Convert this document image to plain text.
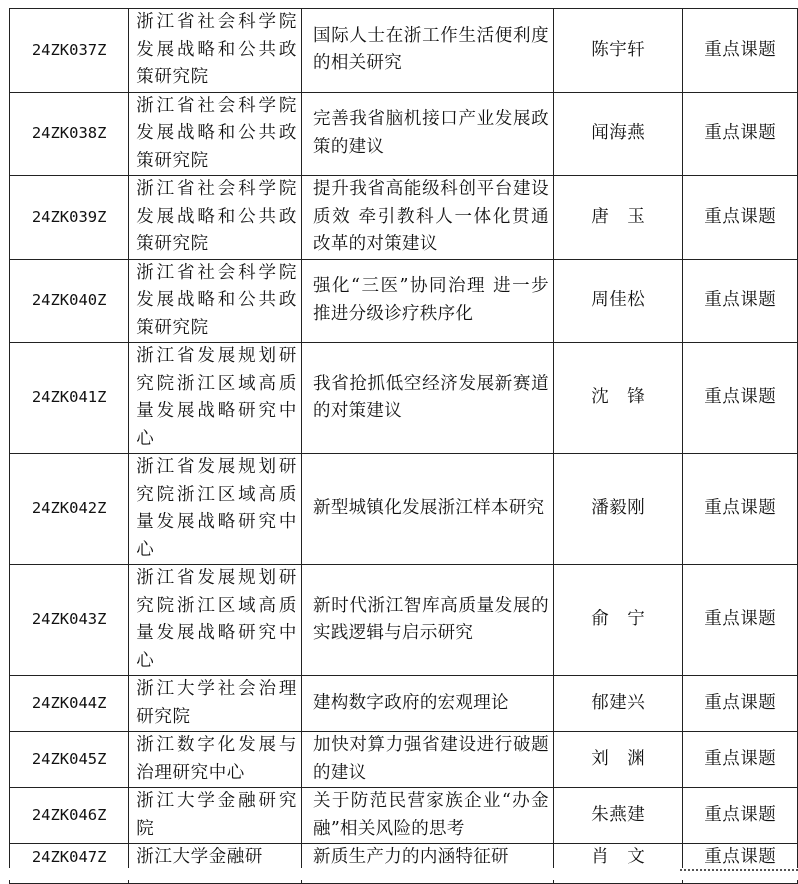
24ZK037Z	浙江省社会科学院发展战略和公共政策研究院	国际人士在浙工作生活便利度的相关研究	陈宇轩	重点课题
24ZK038Z	浙江省社会科学院发展战略和公共政策研究院	完善我省脑机接口产业发展政策的建议	闻海燕	重点课题
24ZK039Z	浙江省社会科学院发展战略和公共政策研究院	提升我省高能级科创平台建设质效 牵引教科人一体化贯通改革的对策建议	唐　玉	重点课题
24ZK040Z	浙江省社会科学院发展战略和公共政策研究院	强化“三医”协同治理 进一步推进分级诊疗秩序化	周佳松	重点课题
24ZK041Z	浙江省发展规划研究院浙江区域高质量发展战略研究中心	我省抢抓低空经济发展新赛道的对策建议	沈　锋	重点课题
24ZK042Z	浙江省发展规划研究院浙江区域高质量发展战略研究中心	新型城镇化发展浙江样本研究	潘毅刚	重点课题
24ZK043Z	浙江省发展规划研究院浙江区域高质量发展战略研究中心	新时代浙江智库高质量发展的实践逻辑与启示研究	俞　宁	重点课题
24ZK044Z	浙江大学社会治理研究院	建构数字政府的宏观理论	郁建兴	重点课题
24ZK045Z	浙江数字化发展与治理研究中心	加快对算力强省建设进行破题的建议	刘　渊	重点课题
24ZK046Z	浙江大学金融研究院	关于防范民营家族企业“办金融”相关风险的思考	朱燕建	重点课题
24ZK047Z	浙江大学金融研	新质生产力的内涵特征研	肖　文	重点课题
